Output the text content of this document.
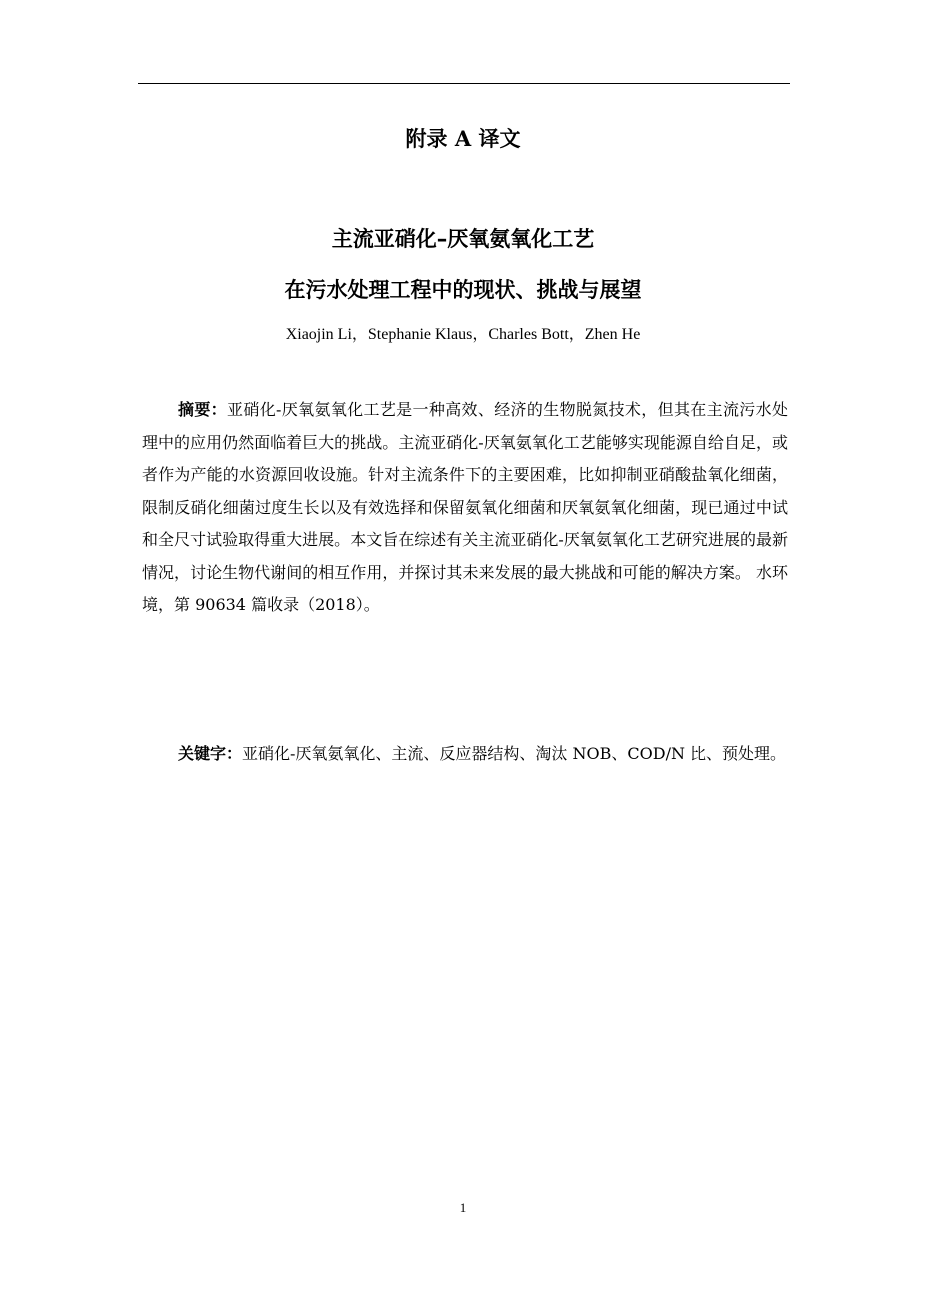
附录 A 译文
主流亚硝化–厌氧氨氧化工艺
在污水处理工程中的现状、挑战与展望
Xiaojin Li，Stephanie Klaus，Charles Bott，Zhen He

摘要：亚硝化-厌氧氨氧化工艺是一种高效、经济的生物脱氮技术，但其在主流污水处理中的应用仍然面临着巨大的挑战。主流亚硝化-厌氧氨氧化工艺能够实现能源自给自足，或者作为产能的水资源回收设施。针对主流条件下的主要困难，比如抑制亚硝酸盐氧化细菌，限制反硝化细菌过度生长以及有效选择和保留氨氧化细菌和厌氧氨氧化细菌，现已通过中试和全尺寸试验取得重大进展。本文旨在综述有关主流亚硝化-厌氧氨氧化工艺研究进展的最新情况，讨论生物代谢间的相互作用，并探讨其未来发展的最大挑战和可能的解决方案。 水环境，第 90634 篇收录（2018）。

关键字：亚硝化-厌氧氨氧化、主流、反应器结构、淘汰 NOB、COD/N 比、预处理。

1
